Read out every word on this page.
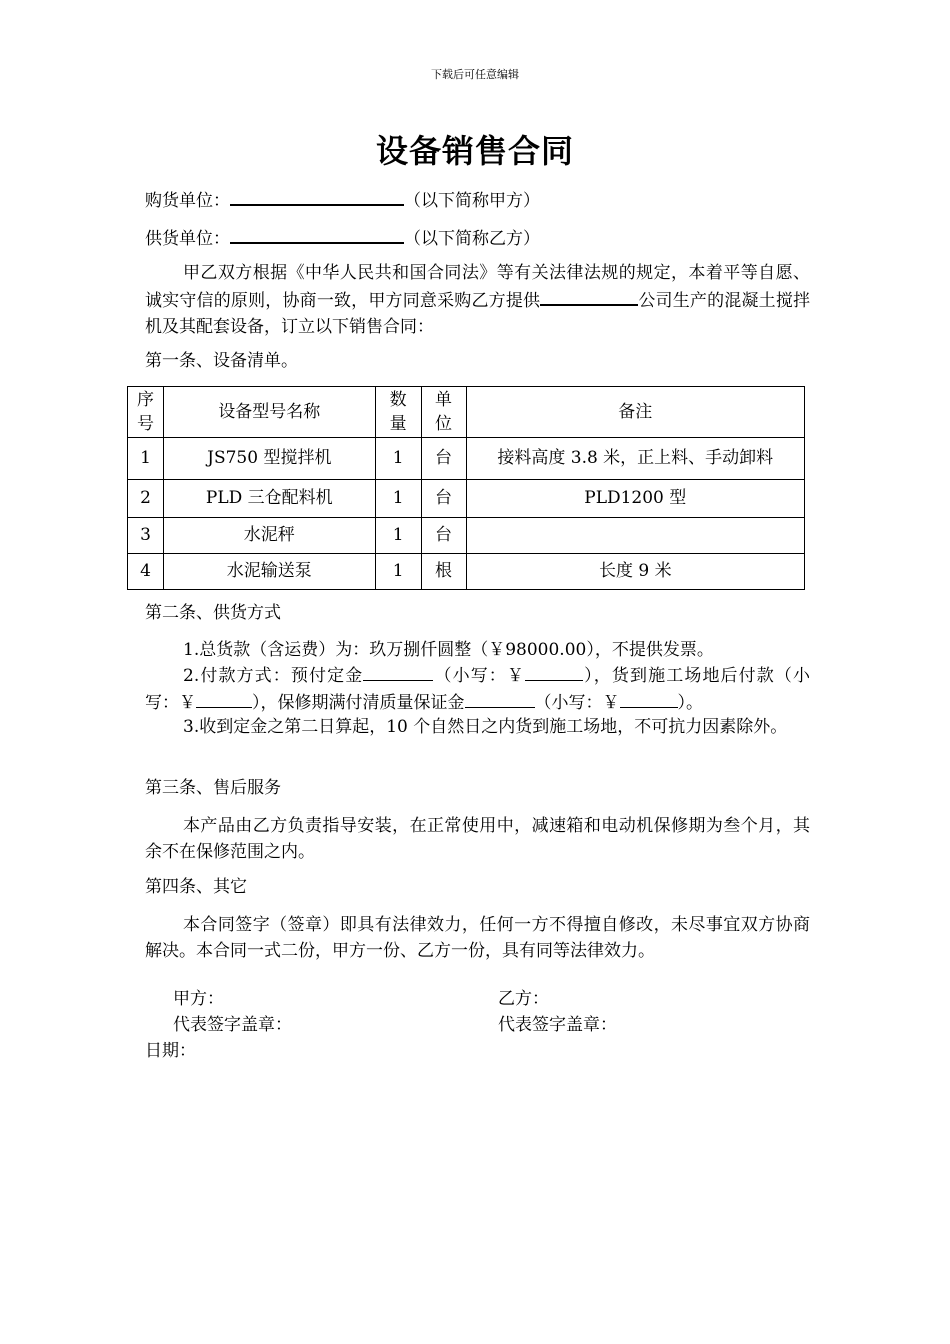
下载后可任意编辑
设备销售合同
购货单位：	（以下简称甲方）
供货单位：	（以下简称乙方）
甲乙双方根据《中华人民共和国合同法》等有关法律法规的规定，本着平等自愿、诚实守信的原则，协商一致，甲方同意采购乙方提供	公司生产的混凝土搅拌机及其配套设备，订立以下销售合同：
第一条、设备清单。
序号	设备型号名称	数量	单位	备注
1	JS750 型搅拌机	1	台	接料高度 3.8 米，正上料、手动卸料
2	PLD 三仓配料机	1	台	PLD1200 型
3	水泥秤	1	台	
4	水泥输送泵	1	根	长度 9 米
第二条、供货方式
1.总货款（含运费）为：玖万捌仟圆整（￥98000.00），不提供发票。
2.付款方式：预付定金	（小写：￥	），货到施工场地后付款（小写：￥	），保修期满付清质量保证金	（小写：￥	）。
3.收到定金之第二日算起，10 个自然日之内货到施工场地，不可抗力因素除外。
第三条、售后服务
本产品由乙方负责指导安装，在正常使用中，减速箱和电动机保修期为叁个月，其余不在保修范围之内。
第四条、其它
本合同签字（签章）即具有法律效力，任何一方不得擅自修改，未尽事宜双方协商解决。本合同一式二份，甲方一份、乙方一份，具有同等法律效力。
甲方：	乙方：
代表签字盖章：	代表签字盖章：
日期：
